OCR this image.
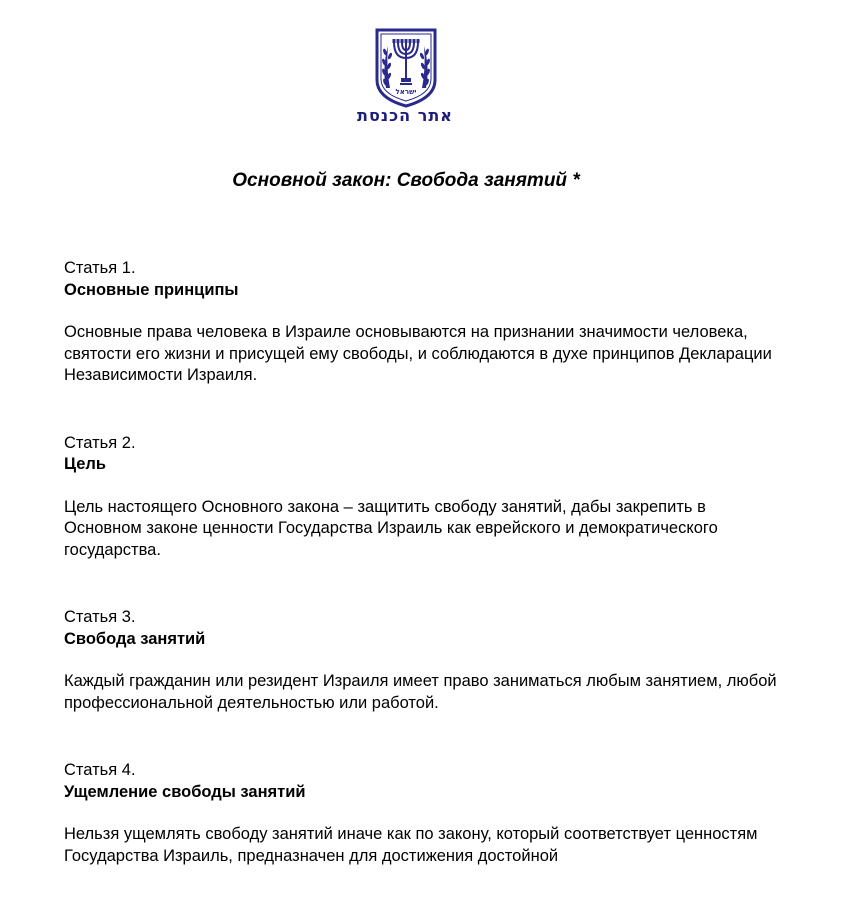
ישראל
אתר הכנסת
Основной закон: Свобода занятий *
Статья 1.
Основные принципы
Основные права человека в Израиле основываются на признании значимости человека, святости его жизни и присущей ему свободы, и соблюдаются в духе принципов Декларации Независимости Израиля.
Статья 2.
Цель
Цель настоящего Основного закона – защитить свободу занятий, дабы закрепить в Основном законе ценности Государства Израиль как еврейского и демократического государства.
Статья 3.
Свобода занятий
Каждый гражданин или резидент Израиля имеет право заниматься любым занятием, любой профессиональной деятельностью или работой.
Статья 4.
Ущемление свободы занятий
Нельзя ущемлять свободу занятий иначе как по закону, который соответствует ценностям Государства Израиль, предназначен для достижения достойной
